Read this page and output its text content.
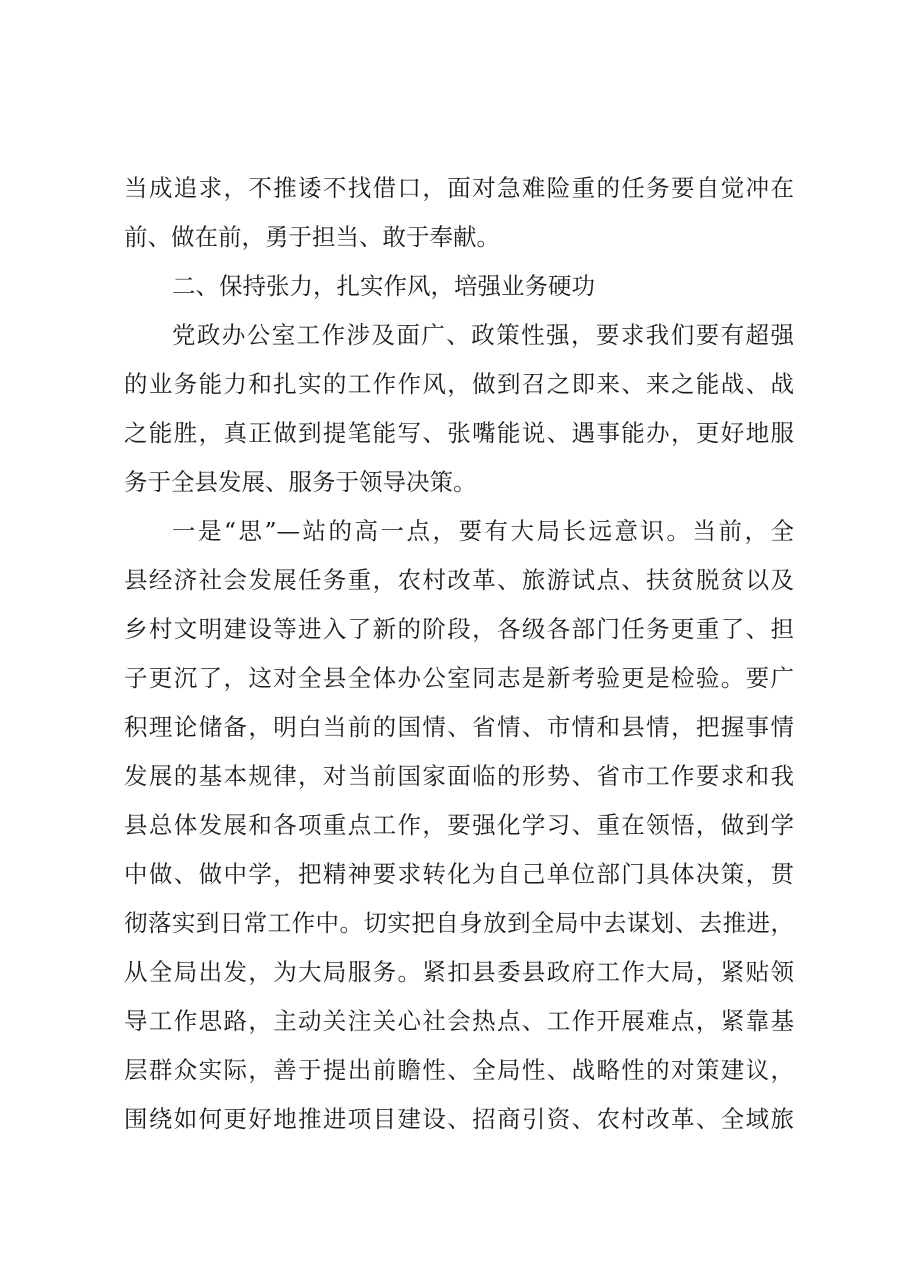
当成追求，不推诿不找借口，面对急难险重的任务要自觉冲在
前、做在前，勇于担当、敢于奉献。
二、保持张力，扎实作风，培强业务硬功
党政办公室工作涉及面广、政策性强，要求我们要有超强
的业务能力和扎实的工作作风，做到召之即来、来之能战、战
之能胜，真正做到提笔能写、张嘴能说、遇事能办，更好地服
务于全县发展、服务于领导决策。
一是“思”—站的高一点，要有大局长远意识。当前，全
县经济社会发展任务重，农村改革、旅游试点、扶贫脱贫以及
乡村文明建设等进入了新的阶段，各级各部门任务更重了、担
子更沉了，这对全县全体办公室同志是新考验更是检验。要广
积理论储备，明白当前的国情、省情、市情和县情，把握事情
发展的基本规律，对当前国家面临的形势、省市工作要求和我
县总体发展和各项重点工作，要强化学习、重在领悟，做到学
中做、做中学，把精神要求转化为自己单位部门具体决策，贯
彻落实到日常工作中。切实把自身放到全局中去谋划、去推进，
从全局出发，为大局服务。紧扣县委县政府工作大局，紧贴领
导工作思路，主动关注关心社会热点、工作开展难点，紧靠基
层群众实际，善于提出前瞻性、全局性、战略性的对策建议，
围绕如何更好地推进项目建设、招商引资、农村改革、全域旅
